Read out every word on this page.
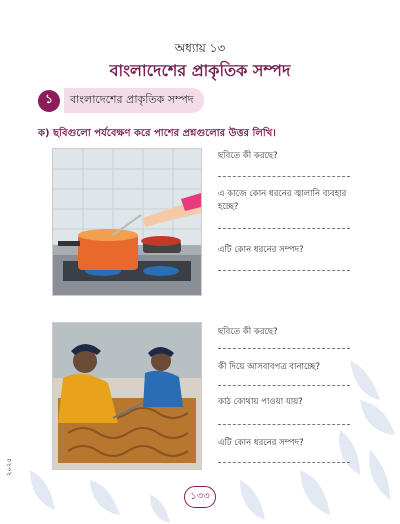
অধ্যায় ১৩
বাংলাদেশের প্রাকৃতিক সম্পদ
১	বাংলাদেশের প্রাকৃতিক সম্পদ
ক) ছবিগুলো পর্যবেক্ষণ করে পাশের প্রশ্নগুলোর উত্তর লিখি।
ছবিতে কী করছে?
এ কাজে কোন ধরনের জ্বালানি ব্যবহার হচ্ছে?
এটি কোন ধরনের সম্পদ?
ছবিতে কী করছে?
কী দিয়ে আসবাবপত্র বানাচ্ছে?
কাঠ কোথায় পাওয়া যায়?
এটি কোন ধরনের সম্পদ?
২০২৫
১৩৩
